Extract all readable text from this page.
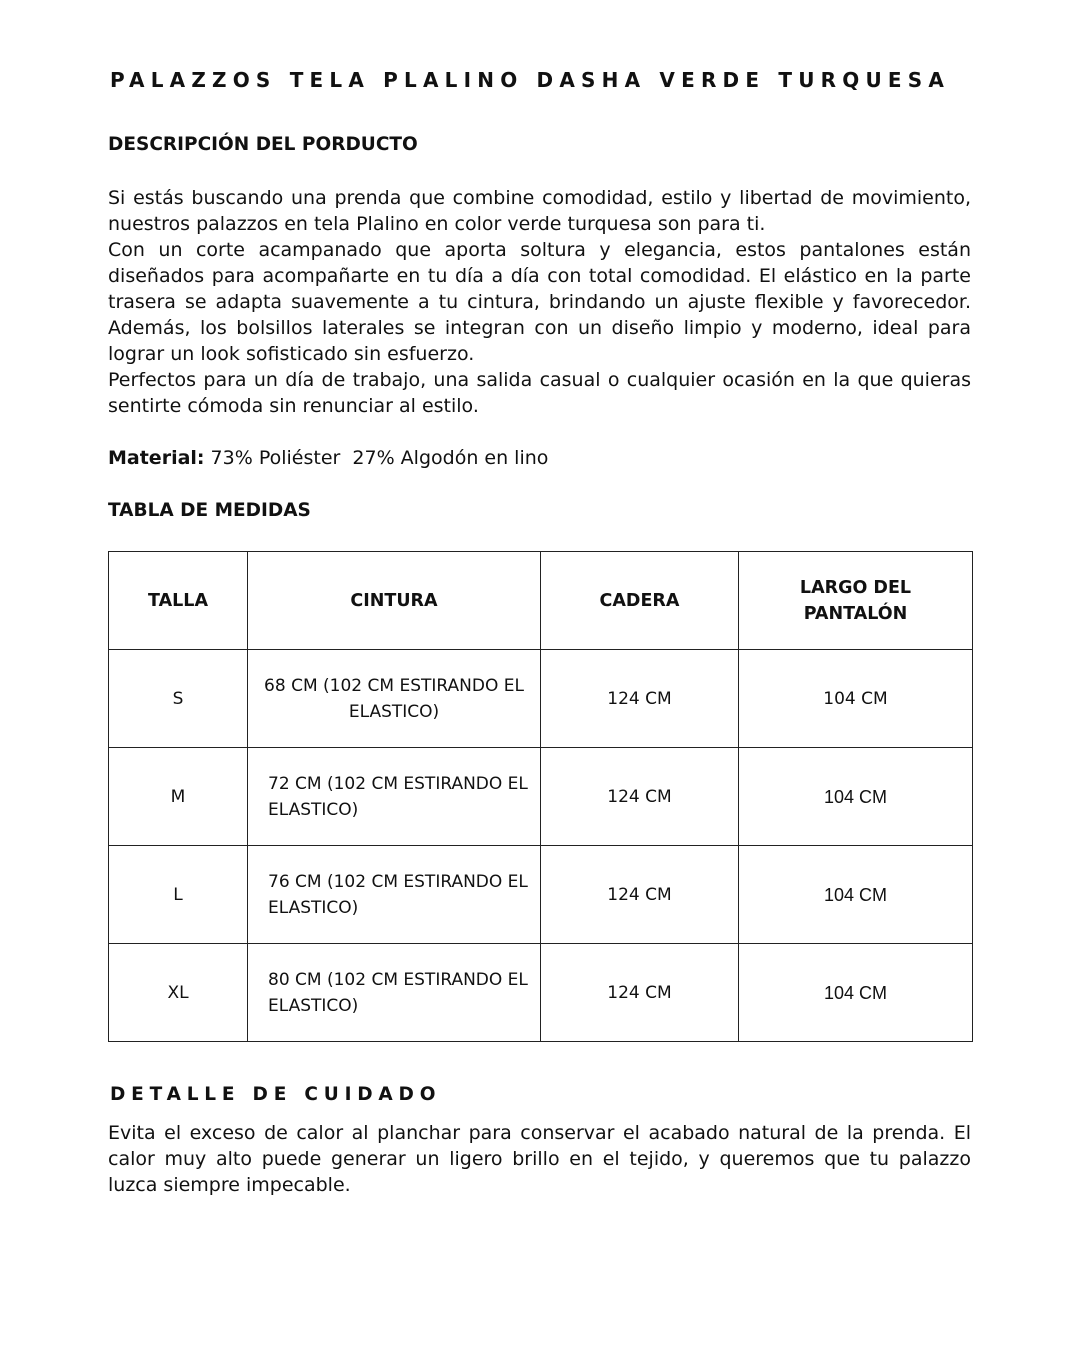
PALAZZOS TELA PLALINO DASHA VERDE TURQUESA
DESCRIPCIÓN DEL PORDUCTO

Si estás buscando una prenda que combine comodidad, estilo y libertad de movimiento, nuestros palazzos en tela Plalino en color verde turquesa son para ti.

Con un corte acampanado que aporta soltura y elegancia, estos pantalones están diseñados para acompañarte en tu día a día con total comodidad. El elástico en la parte trasera se adapta suavemente a tu cintura, brindando un ajuste flexible y favorecedor. Además, los bolsillos laterales se integran con un diseño limpio y moderno, ideal para lograr un look sofisticado sin esfuerzo.

Perfectos para un día de trabajo, una salida casual o cualquier ocasión en la que quieras sentirte cómoda sin renunciar al estilo.

Material: 73% Poliéster  27% Algodón en lino
TABLA DE MEDIDAS
TALLA	CINTURA	CADERA	LARGO DEL PANTALÓN
S	68 CM (102 CM ESTIRANDO EL ELASTICO)	124 CM	104 CM
M	72 CM (102 CM ESTIRANDO EL ELASTICO)	124 CM	104 CM
L	76 CM (102 CM ESTIRANDO EL ELASTICO)	124 CM	104 CM
XL	80 CM (102 CM ESTIRANDO EL ELASTICO)	124 CM	104 CM
DETALLE DE CUIDADO

Evita el exceso de calor al planchar para conservar el acabado natural de la prenda. El calor muy alto puede generar un ligero brillo en el tejido, y queremos que tu palazzo luzca siempre impecable.
